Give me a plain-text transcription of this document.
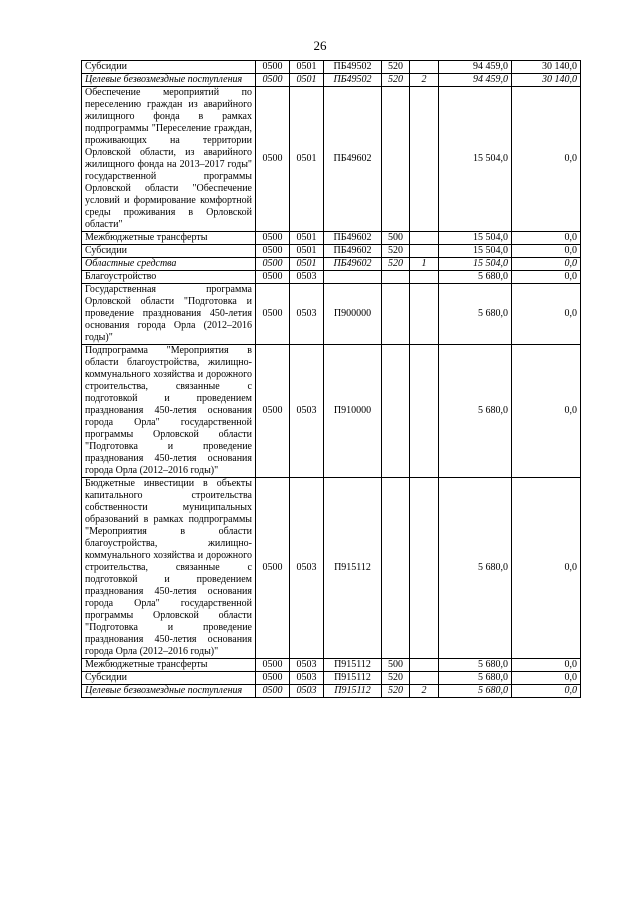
26
Субсидии	0500	0501	ПБ49502	520		94 459,0	30 140,0
Целевые безвозмездные поступления	0500	0501	ПБ49502	520	2	94 459,0	30 140,0
Обеспечение мероприятий по переселению граждан из аварийного жилищного фонда в рамках подпрограммы "Переселение граждан, проживающих на территории Орловской области, из аварийного жилищного фонда на 2013–2017 годы" государственной программы Орловской области "Обеспечение условий и формирование комфортной среды проживания в Орловской области"	0500	0501	ПБ49602			15 504,0	0,0
Межбюджетные трансферты	0500	0501	ПБ49602	500		15 504,0	0,0
Субсидии	0500	0501	ПБ49602	520		15 504,0	0,0
Областные средства	0500	0501	ПБ49602	520	1	15 504,0	0,0
Благоустройство	0500	0503				5 680,0	0,0
Государственная программа Орловской области "Подготовка и проведение празднования 450-летия основания города Орла (2012–2016 годы)"	0500	0503	П900000			5 680,0	0,0
Подпрограмма "Мероприятия в области благоустройства, жилищно-коммунального хозяйства и дорожного строительства, связанные с подготовкой и проведением празднования 450-летия основания города Орла" государственной программы Орловской области "Подготовка и проведение празднования 450-летия основания города Орла (2012–2016 годы)"	0500	0503	П910000			5 680,0	0,0
Бюджетные инвестиции в объекты капитального строительства собственности муниципальных образований в рамках подпрограммы "Мероприятия в области благоустройства, жилищно-коммунального хозяйства и дорожного строительства, связанные с подготовкой и проведением празднования 450-летия основания города Орла" государственной программы Орловской области "Подготовка и проведение празднования 450-летия основания города Орла (2012–2016 годы)"	0500	0503	П915112			5 680,0	0,0
Межбюджетные трансферты	0500	0503	П915112	500		5 680,0	0,0
Субсидии	0500	0503	П915112	520		5 680,0	0,0
Целевые безвозмездные поступления	0500	0503	П915112	520	2	5 680,0	0,0
